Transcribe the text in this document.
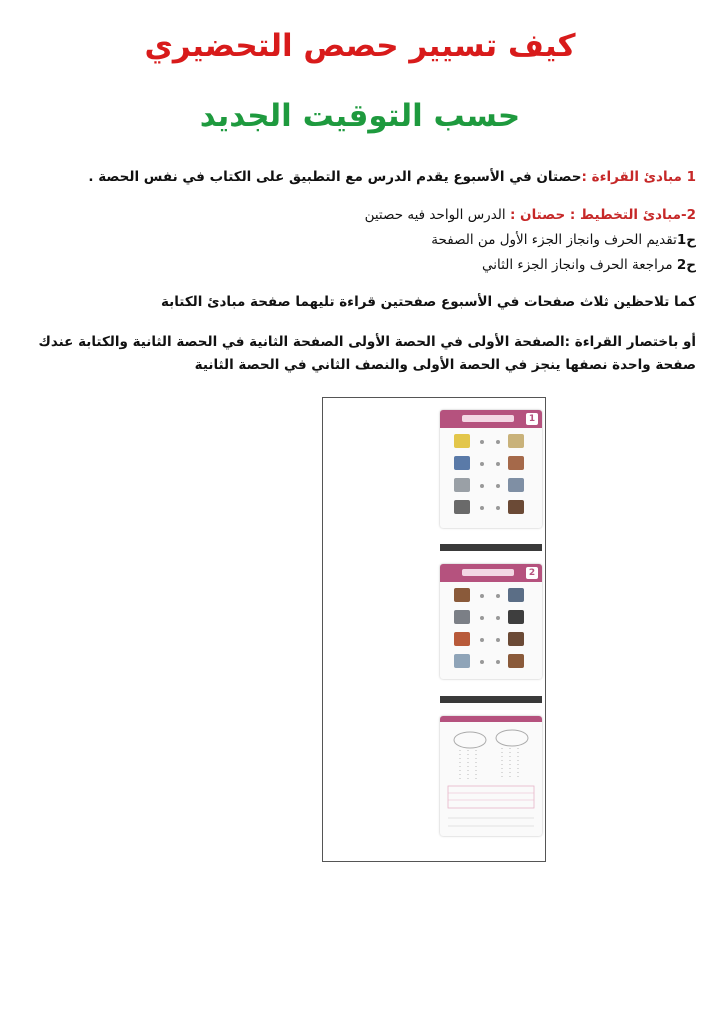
كيف تسيير حصص التحضيري
حسب التوقيت الجديد
1 مبادئ القراءة :حصتان في الأسبوع يقدم الدرس مع التطبيق على الكتاب في نفس الحصة .
2-مبادئ التخطيط : حصتان : الدرس الواحد فيه حصتين
ح1تقديم الحرف وانجاز الجزء الأول من الصفحة
ح2 مراجعة الحرف وانجاز الجزء الثاني
كما تلاحظين ثلاث صفحات في الأسبوع صفحتين قراءة تليهما صفحة مبادئ الكتابة
أو باختصار القراءة :الصفحة الأولى في الحصة الأولى الصفحة الثانية في الحصة الثانية والكتابة عندك
صفحة واحدة نصفها ينجز في الحصة الأولى والنصف الثاني في الحصة الثانية
1
2
